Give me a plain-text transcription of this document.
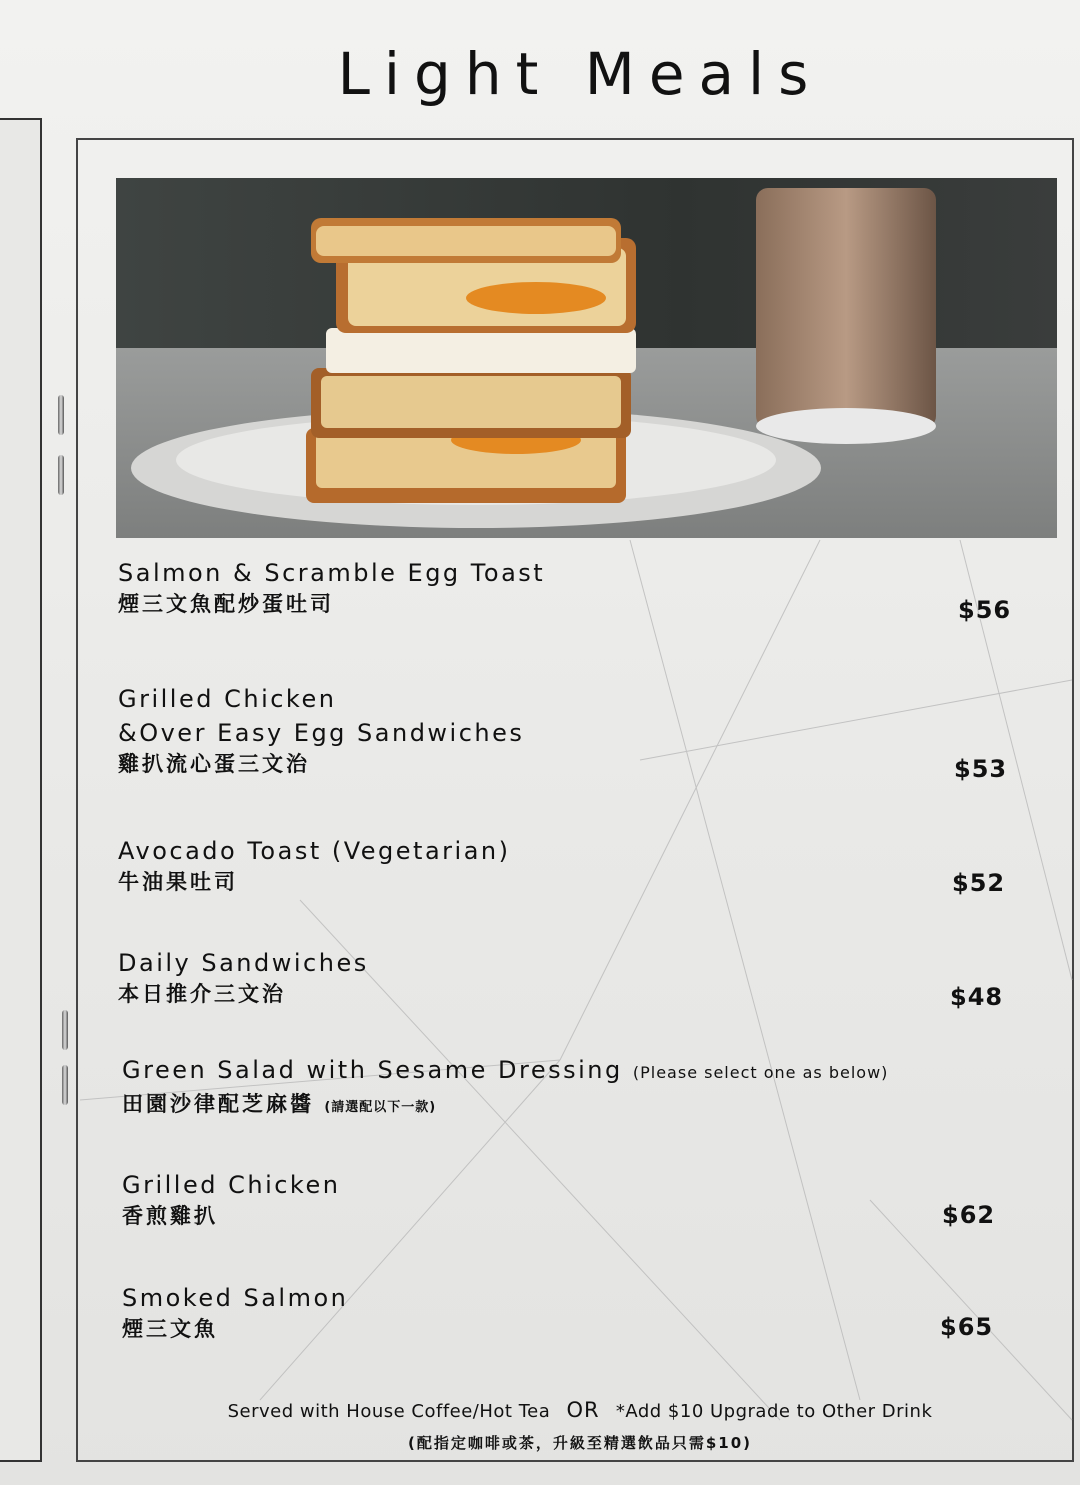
Light Meals
Salmon & Scramble Egg Toast
煙三文魚配炒蛋吐司	$56
Grilled Chicken
&Over Easy Egg Sandwiches
雞扒流心蛋三文治	$53
Avocado Toast (Vegetarian)
牛油果吐司	$52
Daily Sandwiches
本日推介三文治	$48
Green Salad with Sesame Dressing (Please select one as below)
田園沙律配芝麻醬 (請選配以下一款)
Grilled Chicken
香煎雞扒	$62
Smoked Salmon
煙三文魚	$65
Served with House Coffee/Hot Tea OR *Add $10 Upgrade to Other Drink
(配指定咖啡或茶，升級至精選飲品只需$10)
